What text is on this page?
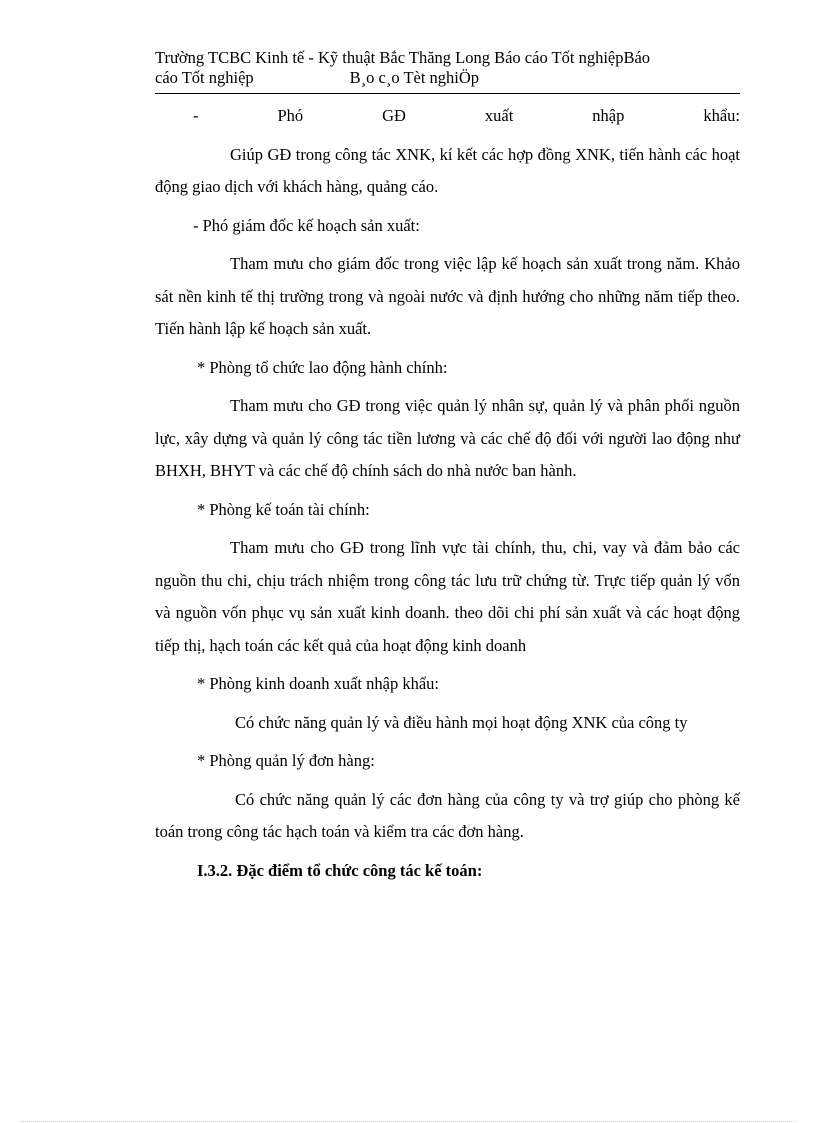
Trường TCBC Kinh tế - Kỹ thuật Bắc Thăng Long Báo cáo Tốt nghiệpBáo
cáo Tốt nghiệp	B¸o c¸o Tèt nghiÖp

- Phó GĐ xuất nhập khẩu:

Giúp GĐ trong công tác XNK, kí kết các hợp đồng XNK, tiến hành các hoạt động giao dịch với khách hàng, quảng cáo.

- Phó giám đốc kế hoạch sản xuất:

Tham mưu cho giám đốc trong việc lập kế hoạch sản xuất trong năm. Khảo sát nền kinh tế thị trường trong và ngoài nước và định hướng cho những năm tiếp theo. Tiến hành lập kế hoạch sản xuất.

* Phòng tổ chức lao động hành chính:

Tham mưu cho GĐ trong việc quản lý nhân sự, quản lý và phân phối nguồn lực, xây dựng và quản lý công tác tiền lương và các chế độ đối với người lao động như BHXH, BHYT và các chế độ chính sách do nhà nước ban hành.

* Phòng kế toán tài chính:

Tham mưu cho GĐ trong lĩnh vực tài chính, thu, chi, vay và đảm bảo các nguồn thu chi, chịu trách nhiệm trong công tác lưu trữ chứng từ. Trực tiếp quản lý vốn và nguồn vốn phục vụ sản xuất kinh doanh. theo dõi chi phí sản xuất và các hoạt động tiếp thị, hạch toán các kết quả của hoạt động kinh doanh

* Phòng kinh doanh xuất nhập khẩu:

Có chức năng quản lý và điều hành mọi hoạt động XNK của công ty

* Phòng quản lý đơn hàng:

Có chức năng quản lý các đơn hàng của công ty và trợ giúp cho phòng kế toán trong công tác hạch toán và kiểm tra các đơn hàng.

I.3.2. Đặc điểm tổ chức công tác kế toán:
